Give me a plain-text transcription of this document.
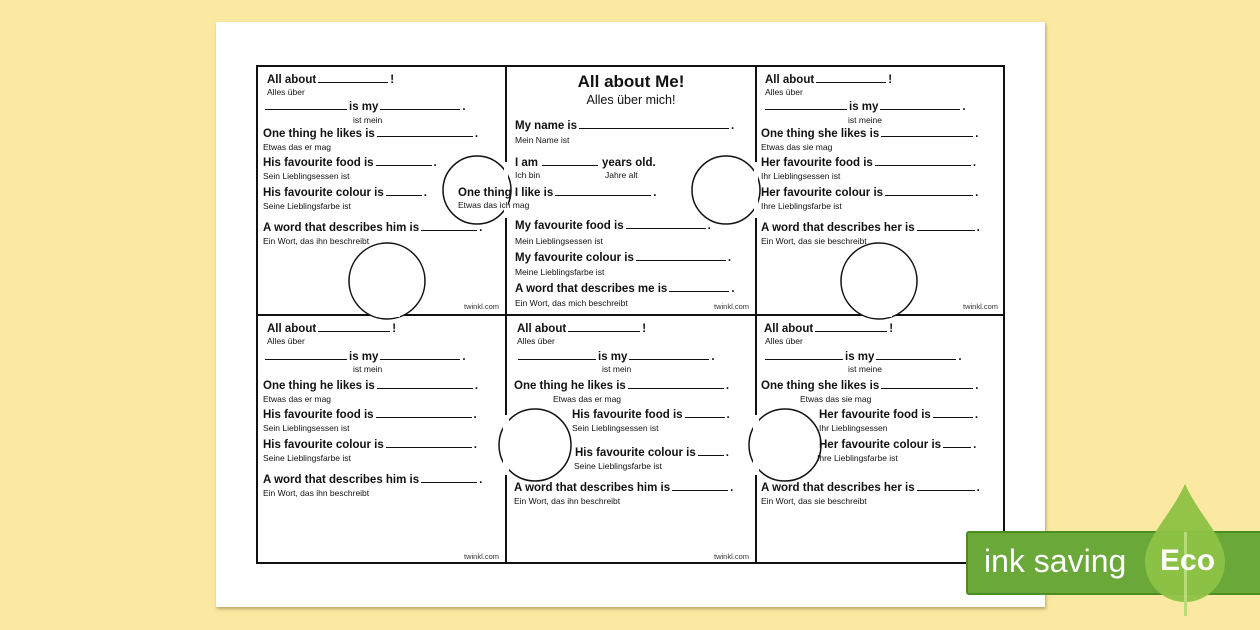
All about	!
Alles über
is my	.
ist mein
One thing he likes is	.
Etwas das er mag
His favourite food is	.
Sein Lieblingsessen ist
His favourite colour is	.
Seine Lieblingsfarbe ist
A word that describes him is	.
Ein Wort, das ihn beschreibt
twinkl.com
All about Me!
Alles über mich!
My name is	.
Mein Name ist
I am	years old.
Ich bin	Jahre alt
One thing I like is	.
Etwas das ich mag
My favourite food is	.
Mein Lieblingsessen ist
My favourite colour is	.
Meine Lieblingsfarbe ist
A word that describes me is	.
Ein Wort, das mich beschreibt	twinkl.com
All about	!
Alles über
is my	.
ist meine
One thing she likes is	.
Etwas das sie mag
Her favourite food is	.
Ihr Lieblingsessen ist
Her favourite colour is	.
Ihre Lieblingsfarbe ist
A word that describes her is	.
Ein Wort, das sie beschreibt
twinkl.com
All about	!
Alles über
is my	.
ist mein
One thing he likes is	.
Etwas das er mag
His favourite food is	.
Sein Lieblingsessen ist
His favourite colour is	.
Seine Lieblingsfarbe ist
A word that describes him is	.
Ein Wort, das ihn beschreibt
twinkl.com
All about	!
Alles über
is my	.
ist mein
One thing he likes is	.
Etwas das er mag
His favourite food is	.
Sein Lieblingsessen ist
His favourite colour is	.
Seine Lieblingsfarbe ist
A word that describes him is	.
Ein Wort, das ihn beschreibt
twinkl.com
All about	!
Alles über
is my	.
ist meine
One thing she likes is	.
Etwas das sie mag
Her favourite food is	.
Ihr Lieblingsessen
Her favourite colour is	.
Ihre Lieblingsfarbe ist
A word that describes her is	.
Ein Wort, das sie beschreibt
ink saving Eco
